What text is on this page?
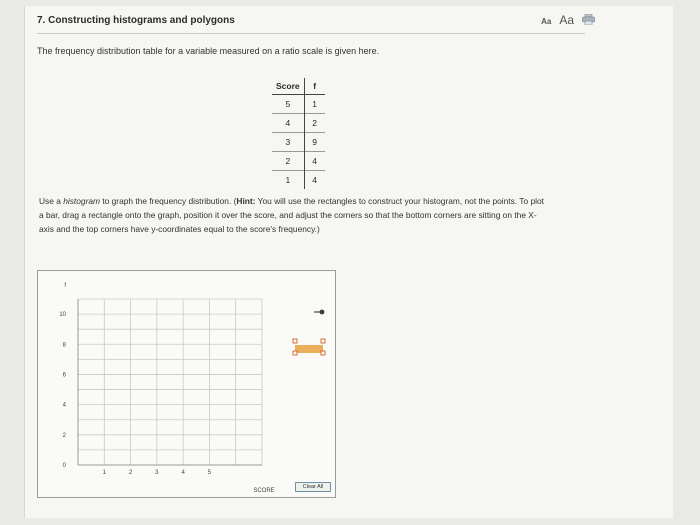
7. Constructing histograms and polygons	Aa Aa
The frequency distribution table for a variable measured on a ratio scale is given here.
Score	f
5	1
4	2
3	9
2	4
1	4
Use a histogram to graph the frequency distribution. (Hint: You will use the rectangles to construct your histogram, not the points. To plot a bar, drag a rectangle onto the graph, position it over the score, and adjust the corners so that the bottom corners are sitting on the X-axis and the top corners have y-coordinates equal to the score's frequency.)
0
2
4
6
8
10
1	2	3	4	5
f
SCORE
Clear All
